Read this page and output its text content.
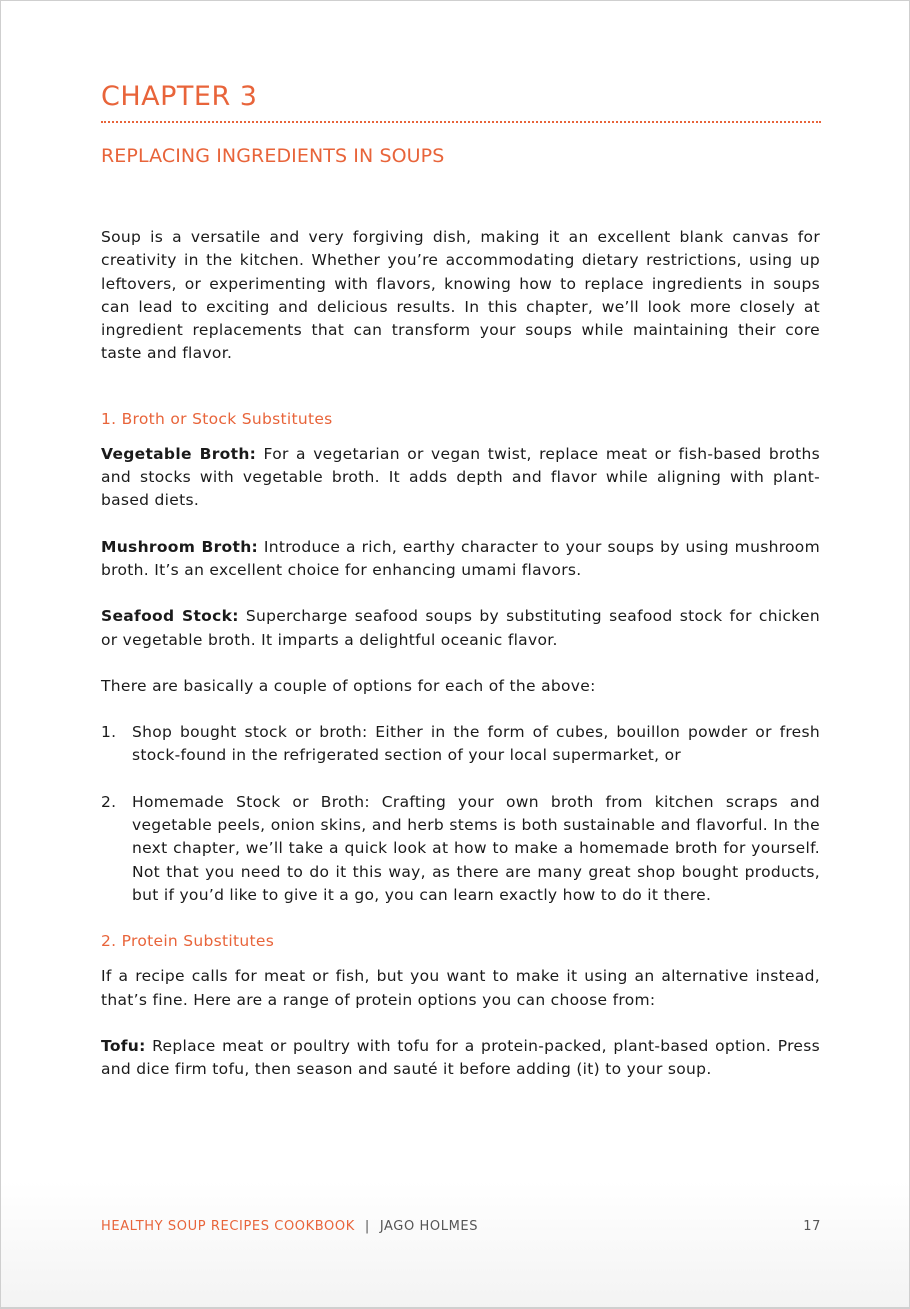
CHAPTER 3
REPLACING INGREDIENTS IN SOUPS

Soup is a versatile and very forgiving dish, making it an excellent blank canvas for creativity in the kitchen. Whether you’re accommodating dietary restrictions, using up leftovers, or experimenting with flavors, knowing how to replace ingredients in soups can lead to exciting and delicious results. In this chapter, we’ll look more closely at ingredient replacements that can transform your soups while maintaining their core taste and flavor.

1. Broth or Stock Substitutes

Vegetable Broth: For a vegetarian or vegan twist, replace meat or fish-based broths and stocks with vegetable broth. It adds depth and flavor while aligning with plant-based diets.

Mushroom Broth: Introduce a rich, earthy character to your soups by using mushroom broth. It’s an excellent choice for enhancing umami flavors.

Seafood Stock: Supercharge seafood soups by substituting seafood stock for chicken or vegetable broth. It imparts a delightful oceanic flavor.

There are basically a couple of options for each of the above:

1. Shop bought stock or broth: Either in the form of cubes, bouillon powder or fresh stock-found in the refrigerated section of your local supermarket, or
2. Homemade Stock or Broth: Crafting your own broth from kitchen scraps and vegetable peels, onion skins, and herb stems is both sustainable and flavorful. In the next chapter, we’ll take a quick look at how to make a homemade broth for yourself. Not that you need to do it this way, as there are many great shop bought products, but if you’d like to give it a go, you can learn exactly how to do it there.
2. Protein Substitutes

If a recipe calls for meat or fish, but you want to make it using an alternative instead, that’s fine. Here are a range of protein options you can choose from:

Tofu: Replace meat or poultry with tofu for a protein-packed, plant-based option. Press and dice firm tofu, then season and sauté it before adding (it) to your soup.

HEALTHY SOUP RECIPES COOKBOOK | JAGO HOLMES	17
